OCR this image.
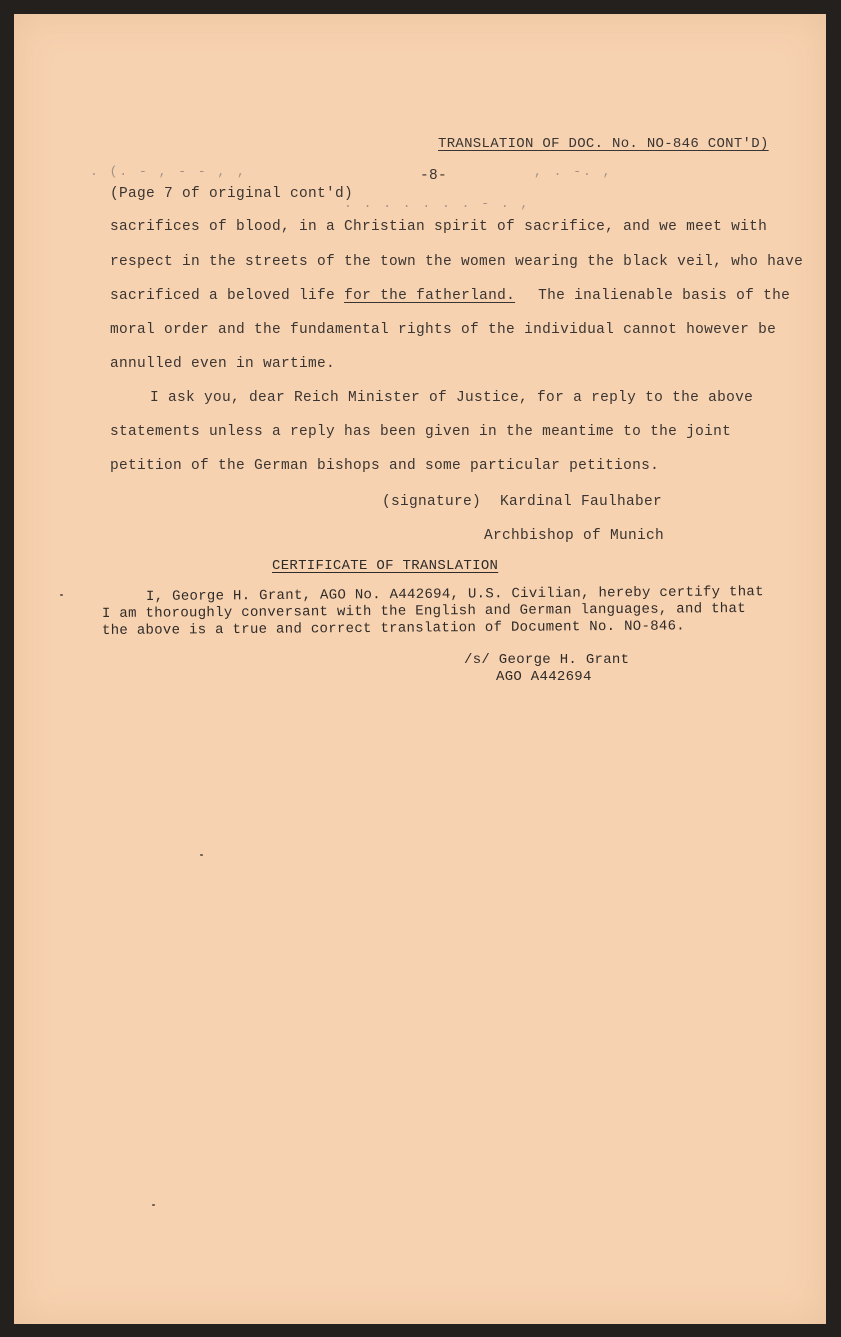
. (. - , - - , ,
. . . . . . . - . ,
, . -. ,
TRANSLATION OF DOC. No. NO-846 CONT'D)
-8-
(Page 7 of original cont'd)
sacrifices of blood, in a Christian spirit of sacrifice, and we meet with
respect in the streets of the town the women wearing the black veil, who have
sacrificed a beloved life for the fatherland. The inalienable basis of the
moral order and the fundamental rights of the individual cannot however be
annulled even in wartime.
I ask you, dear Reich Minister of Justice, for a reply to the above
statements unless a reply has been given in the meantime to the joint
petition of the German bishops and some particular petitions.
(signature) Kardinal Faulhaber
Archbishop of Munich
CERTIFICATE OF TRANSLATION
I, George H. Grant, AGO No. A442694, U.S. Civilian, hereby certify that
I am thoroughly conversant with the English and German languages, and that
the above is a true and correct translation of Document No. NO-846.
/s/ George H. Grant
AGO A442694
